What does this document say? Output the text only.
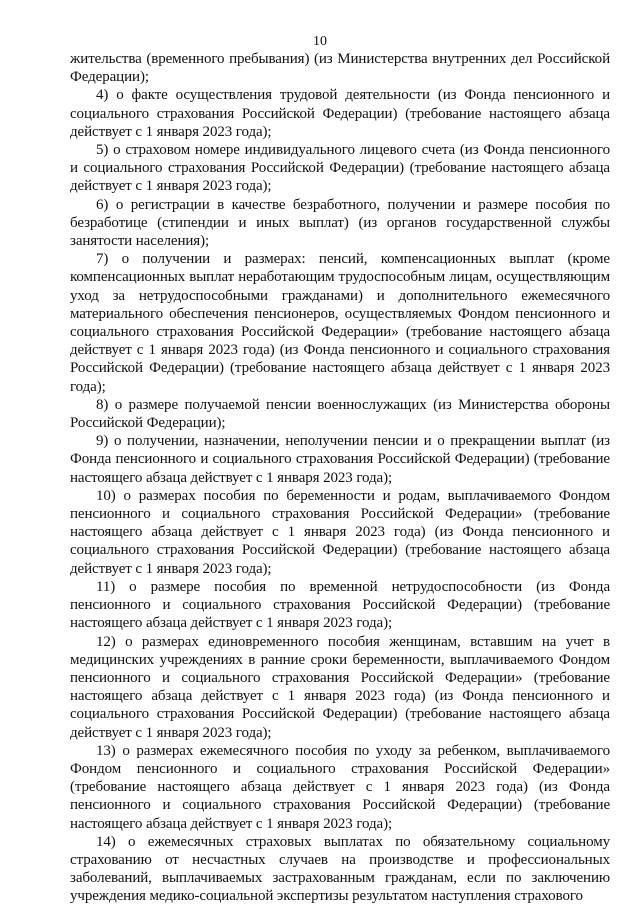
10

жительства (временного пребывания) (из Министерства внутренних дел Российской Федерации);

4) о факте осуществления трудовой деятельности (из Фонда пенсионного и социального страхования Российской Федерации) (требование настоящего абзаца действует с 1 января 2023 года);

5) о страховом номере индивидуального лицевого счета (из Фонда пенсионного и социального страхования Российской Федерации) (требование настоящего абзаца действует с 1 января 2023 года);

6) о регистрации в качестве безработного, получении и размере пособия по безработице (стипендии и иных выплат) (из органов государственной службы занятости населения);

7) о получении и размерах: пенсий, компенсационных выплат (кроме компенсационных выплат неработающим трудоспособным лицам, осуществляющим уход за нетрудоспособными гражданами) и дополнительного ежемесячного материального обеспечения пенсионеров, осуществляемых Фондом пенсионного и социального страхования Российской Федерации» (требование настоящего абзаца действует с 1 января 2023 года) (из Фонда пенсионного и социального страхования Российской Федерации) (требование настоящего абзаца действует с 1 января 2023 года);

8) о размере получаемой пенсии военнослужащих (из Министерства обороны Российской Федерации);

9) о получении, назначении, неполучении пенсии и о прекращении выплат (из Фонда пенсионного и социального страхования Российской Федерации) (требование настоящего абзаца действует с 1 января 2023 года);

10) о размерах пособия по беременности и родам, выплачиваемого Фондом пенсионного и социального страхования Российской Федерации» (требование настоящего абзаца действует с 1 января 2023 года) (из Фонда пенсионного и социального страхования Российской Федерации) (требование настоящего абзаца действует с 1 января 2023 года);

11) о размере пособия по временной нетрудоспособности (из Фонда пенсионного и социального страхования Российской Федерации) (требование настоящего абзаца действует с 1 января 2023 года);

12) о размерах единовременного пособия женщинам, вставшим на учет в медицинских учреждениях в ранние сроки беременности, выплачиваемого Фондом пенсионного и социального страхования Российской Федерации» (требование настоящего абзаца действует с 1 января 2023 года) (из Фонда пенсионного и социального страхования Российской Федерации) (требование настоящего абзаца действует с 1 января 2023 года);

13) о размерах ежемесячного пособия по уходу за ребенком, выплачиваемого Фондом пенсионного и социального страхования Российской Федерации» (требование настоящего абзаца действует с 1 января 2023 года) (из Фонда пенсионного и социального страхования Российской Федерации) (требование настоящего абзаца действует с 1 января 2023 года);

14) о ежемесячных страховых выплатах по обязательному социальному страхованию от несчастных случаев на производстве и профессиональных заболеваний, выплачиваемых застрахованным гражданам, если по заключению учреждения медико-социальной экспертизы результатом наступления страхового
